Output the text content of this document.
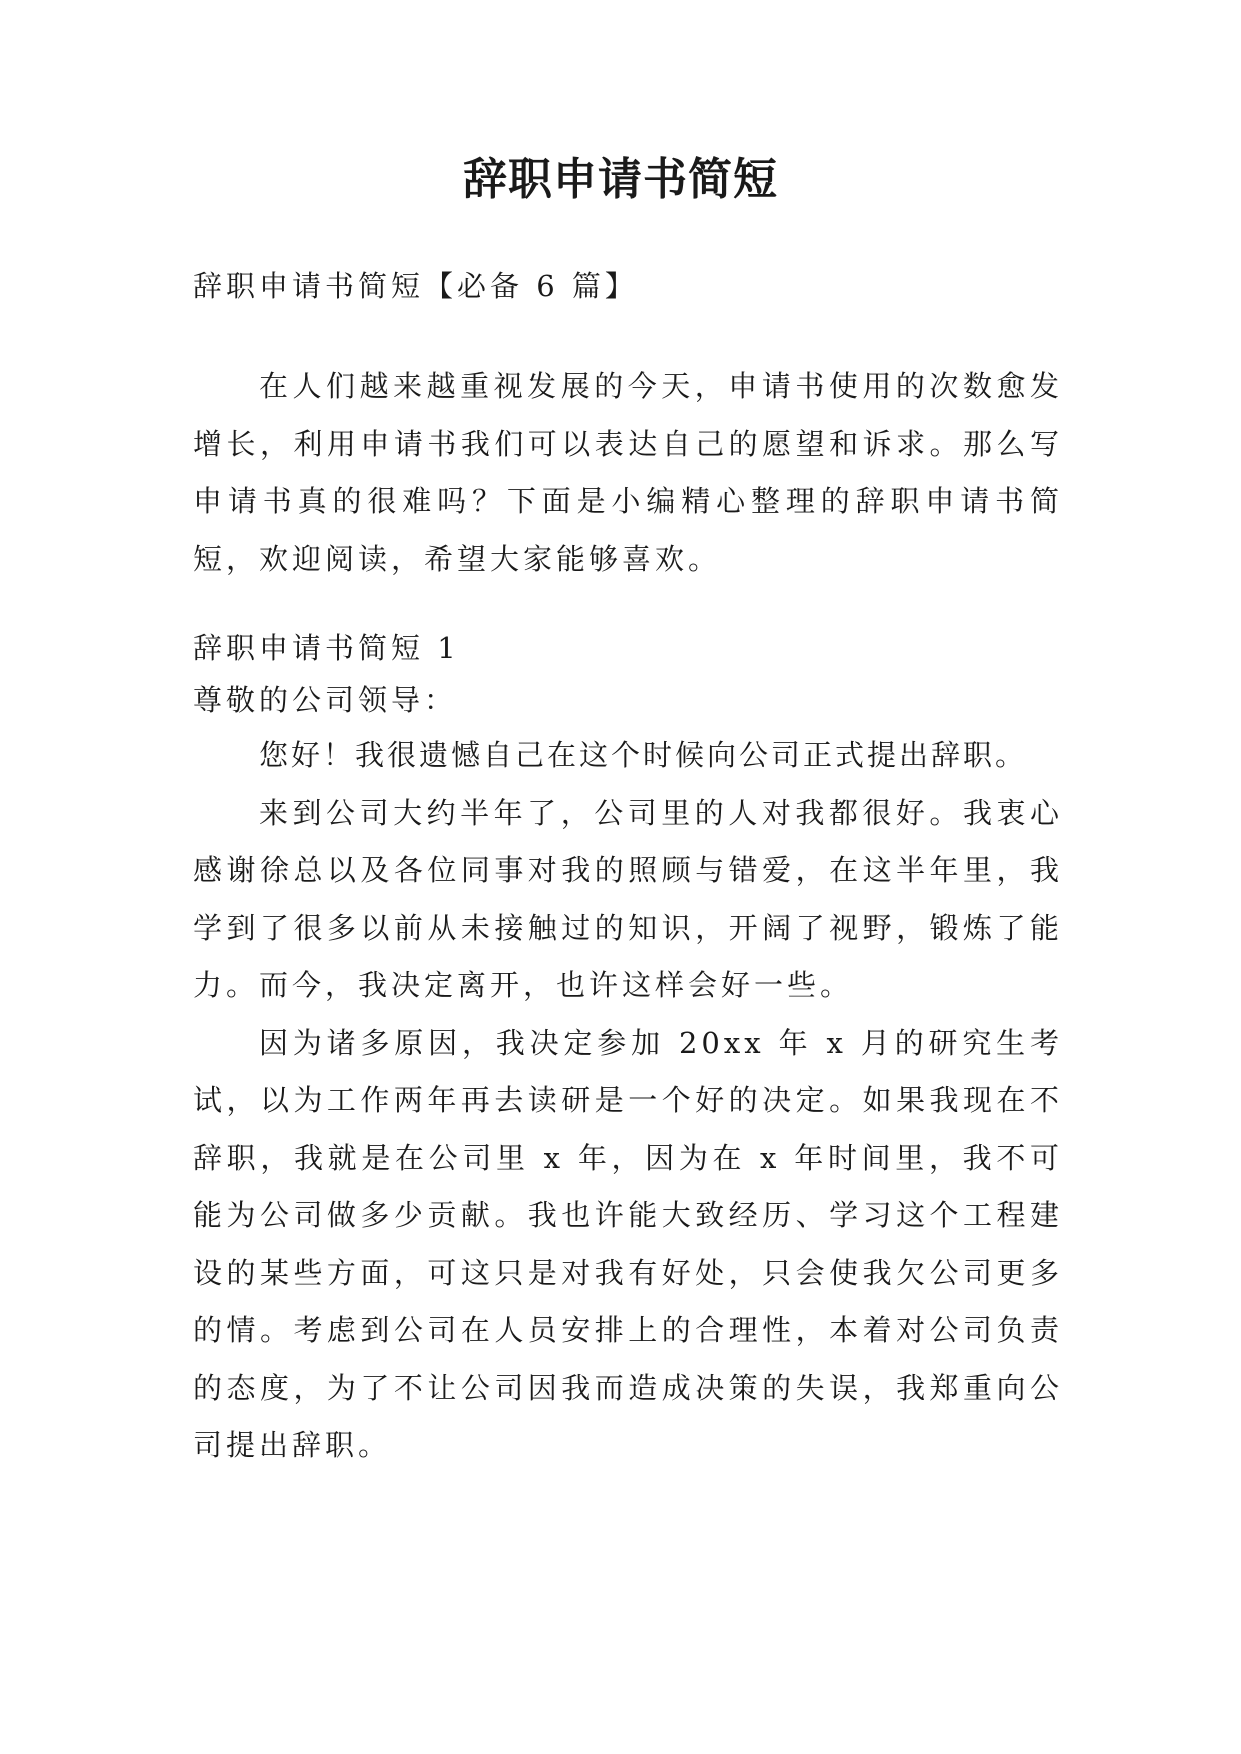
辞职申请书简短
辞职申请书简短【必备 6 篇】

在人们越来越重视发展的今天，申请书使用的次数愈发增长，利用申请书我们可以表达自己的愿望和诉求。那么写申请书真的很难吗？下面是小编精心整理的辞职申请书简短，欢迎阅读，希望大家能够喜欢。

辞职申请书简短 1
尊敬的公司领导：

您好！我很遗憾自己在这个时候向公司正式提出辞职。

来到公司大约半年了，公司里的人对我都很好。我衷心感谢徐总以及各位同事对我的照顾与错爱，在这半年里，我学到了很多以前从未接触过的知识，开阔了视野，锻炼了能力。而今，我决定离开，也许这样会好一些。

因为诸多原因，我决定参加 20xx 年 x 月的研究生考试，以为工作两年再去读研是一个好的决定。如果我现在不辞职，我就是在公司里 x 年，因为在 x 年时间里，我不可能为公司做多少贡献。我也许能大致经历、学习这个工程建设的某些方面，可这只是对我有好处，只会使我欠公司更多的情。考虑到公司在人员安排上的合理性，本着对公司负责的态度，为了不让公司因我而造成决策的失误，我郑重向公司提出辞职。
